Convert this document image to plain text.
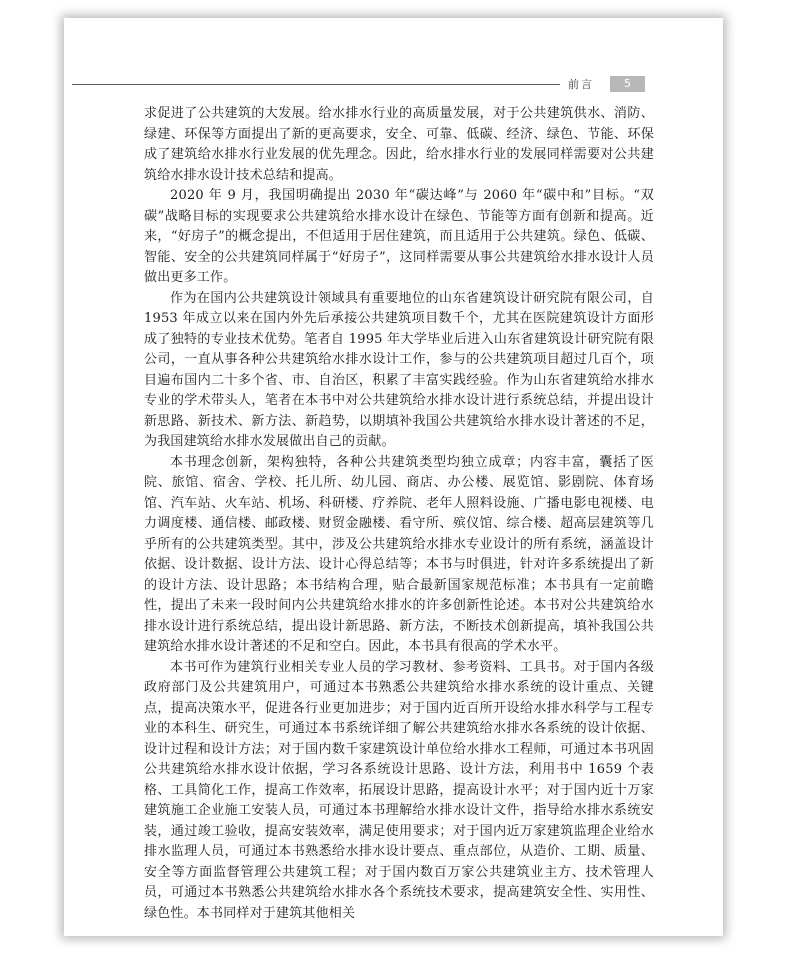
前言	5

求促进了公共建筑的大发展。给水排水行业的高质量发展，对于公共建筑供水、消防、绿建、环保等方面提出了新的更高要求，安全、可靠、低碳、经济、绿色、节能、环保成了建筑给水排水行业发展的优先理念。因此，给水排水行业的发展同样需要对公共建筑给水排水设计技术总结和提高。

2020 年 9 月，我国明确提出 2030 年“碳达峰”与 2060 年“碳中和”目标。“双碳”战略目标的实现要求公共建筑给水排水设计在绿色、节能等方面有创新和提高。近来，“好房子”的概念提出，不但适用于居住建筑，而且适用于公共建筑。绿色、低碳、智能、安全的公共建筑同样属于“好房子”，这同样需要从事公共建筑给水排水设计人员做出更多工作。

作为在国内公共建筑设计领域具有重要地位的山东省建筑设计研究院有限公司，自 1953 年成立以来在国内外先后承接公共建筑项目数千个，尤其在医院建筑设计方面形成了独特的专业技术优势。笔者自 1995 年大学毕业后进入山东省建筑设计研究院有限公司，一直从事各种公共建筑给水排水设计工作，参与的公共建筑项目超过几百个，项目遍布国内二十多个省、市、自治区，积累了丰富实践经验。作为山东省建筑给水排水专业的学术带头人，笔者在本书中对公共建筑给水排水设计进行系统总结，并提出设计新思路、新技术、新方法、新趋势，以期填补我国公共建筑给水排水设计著述的不足，为我国建筑给水排水发展做出自己的贡献。

本书理念创新，架构独特，各种公共建筑类型均独立成章；内容丰富，囊括了医院、旅馆、宿舍、学校、托儿所、幼儿园、商店、办公楼、展览馆、影剧院、体育场馆、汽车站、火车站、机场、科研楼、疗养院、老年人照料设施、广播电影电视楼、电力调度楼、通信楼、邮政楼、财贸金融楼、看守所、殡仪馆、综合楼、超高层建筑等几乎所有的公共建筑类型。其中，涉及公共建筑给水排水专业设计的所有系统，涵盖设计依据、设计数据、设计方法、设计心得总结等；本书与时俱进，针对许多系统提出了新的设计方法、设计思路；本书结构合理，贴合最新国家规范标准；本书具有一定前瞻性，提出了未来一段时间内公共建筑给水排水的许多创新性论述。本书对公共建筑给水排水设计进行系统总结，提出设计新思路、新方法，不断技术创新提高，填补我国公共建筑给水排水设计著述的不足和空白。因此，本书具有很高的学术水平。

本书可作为建筑行业相关专业人员的学习教材、参考资料、工具书。对于国内各级政府部门及公共建筑用户，可通过本书熟悉公共建筑给水排水系统的设计重点、关键点，提高决策水平，促进各行业更加进步；对于国内近百所开设给水排水科学与工程专业的本科生、研究生，可通过本书系统详细了解公共建筑给水排水各系统的设计依据、设计过程和设计方法；对于国内数千家建筑设计单位给水排水工程师，可通过本书巩固公共建筑给水排水设计依据，学习各系统设计思路、设计方法，利用书中 1659 个表格、工具简化工作，提高工作效率，拓展设计思路，提高设计水平；对于国内近十万家建筑施工企业施工安装人员，可通过本书理解给水排水设计文件，指导给水排水系统安装，通过竣工验收，提高安装效率，满足使用要求；对于国内近万家建筑监理企业给水排水监理人员，可通过本书熟悉给水排水设计要点、重点部位，从造价、工期、质量、安全等方面监督管理公共建筑工程；对于国内数百万家公共建筑业主方、技术管理人员，可通过本书熟悉公共建筑给水排水各个系统技术要求，提高建筑安全性、实用性、绿色性。本书同样对于建筑其他相关
